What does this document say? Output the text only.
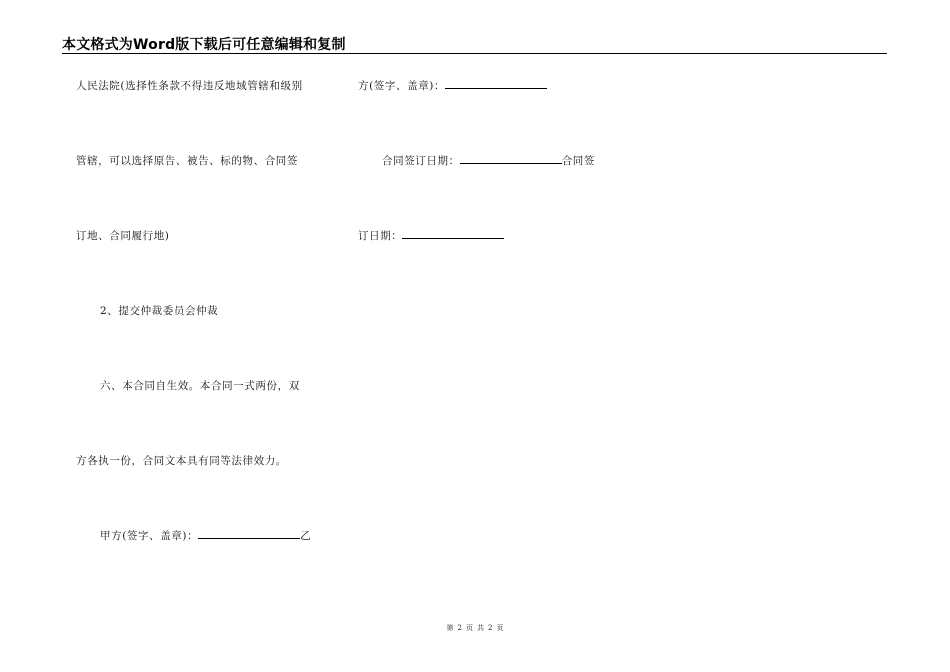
本文格式为Word版下载后可任意编辑和复制
人民法院(选择性条款不得违反地域管辖和级别
管辖，可以选择原告、被告、标的物、合同签
订地、合同履行地)
2、提交仲裁委员会仲裁
六、本合同自生效。本合同一式两份，双
方各执一份，合同文本具有同等法律效力。
甲方(签字、盖章)：	乙
方(签字、盖章)：
合同签订日期：	合同签
订日期：
第 2 页 共 2 页
